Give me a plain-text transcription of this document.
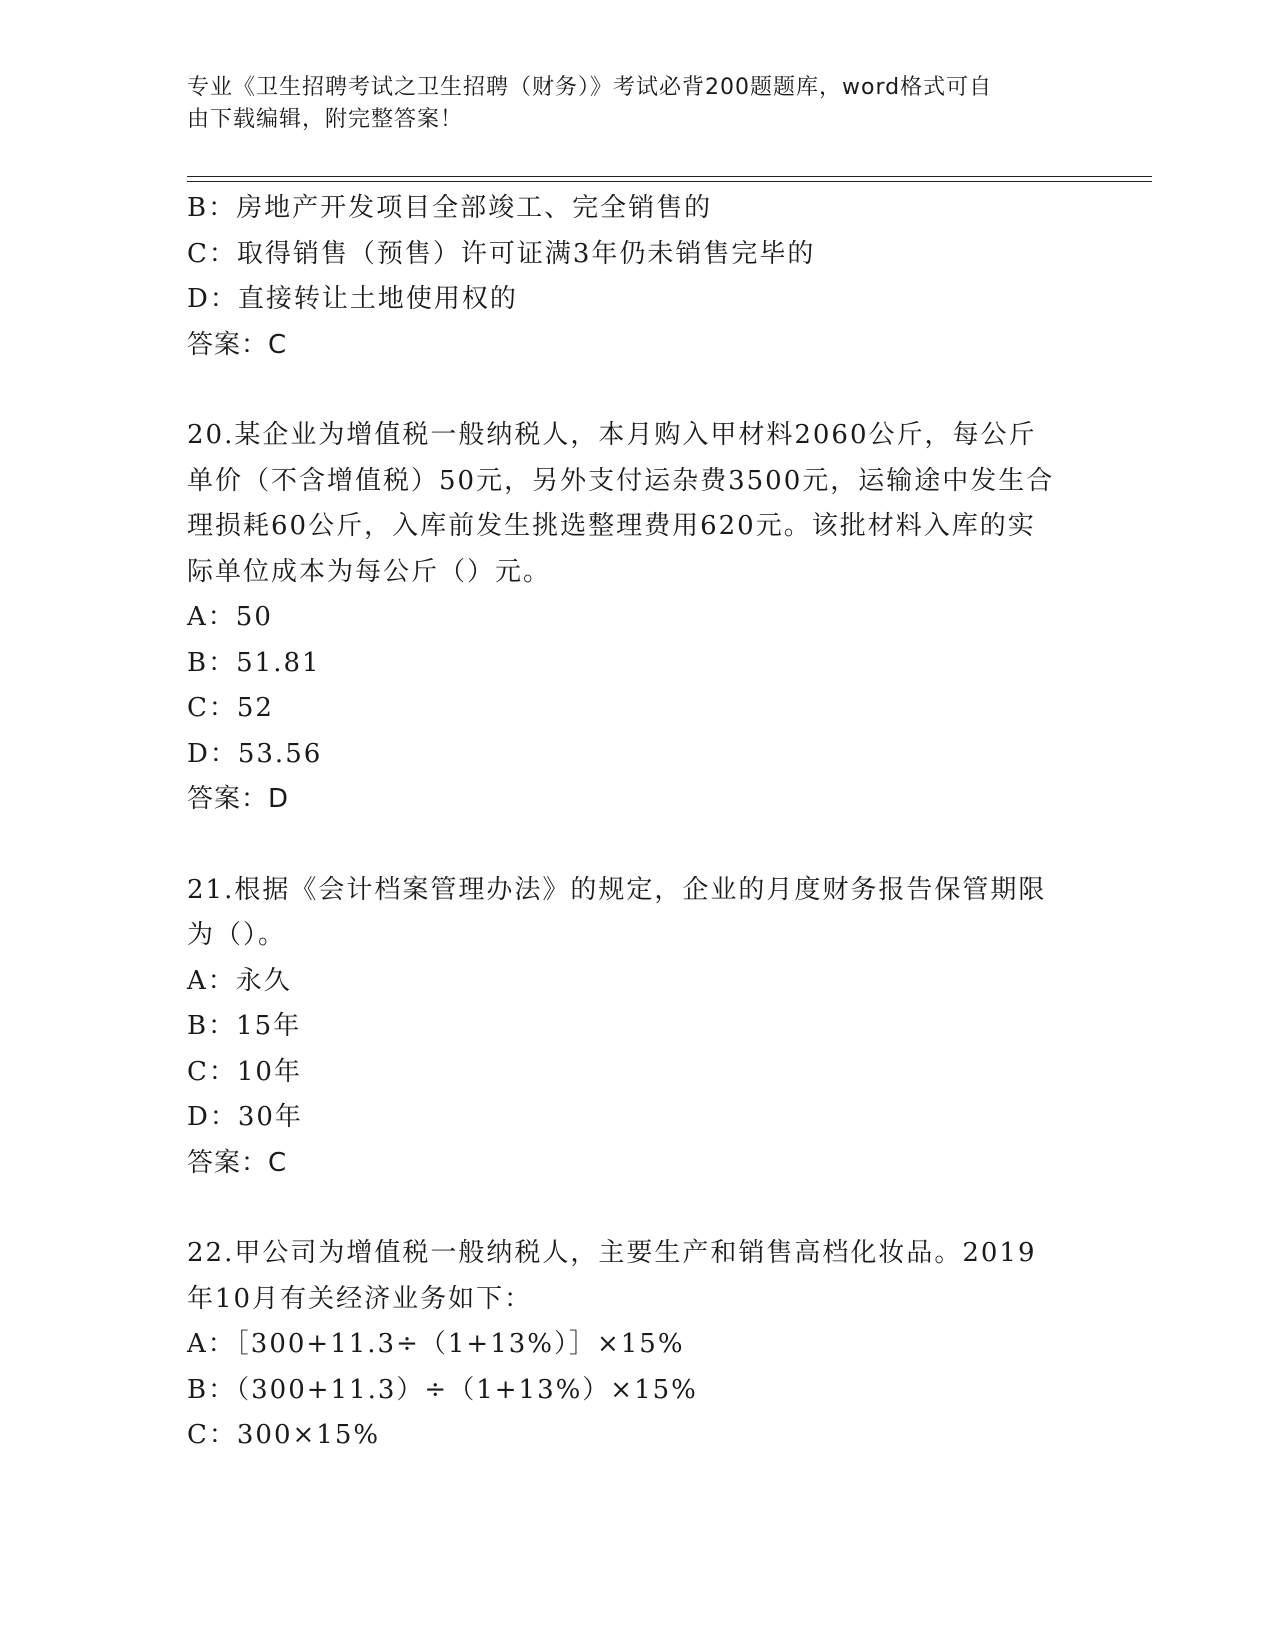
专业《卫生招聘考试之卫生招聘（财务）》考试必背200题题库，word格式可自
由下载编辑，附完整答案！
B：房地产开发项目全部竣工、完全销售的
C：取得销售（预售）许可证满3年仍未销售完毕的
D：直接转让土地使用权的
答案：C
20.某企业为增值税一般纳税人，本月购入甲材料2060公斤，每公斤
单价（不含增值税）50元，另外支付运杂费3500元，运输途中发生合
理损耗60公斤，入库前发生挑选整理费用620元。该批材料入库的实
际单位成本为每公斤（）元。
A：50
B：51.81
C：52
D：53.56
答案：D
21.根据《会计档案管理办法》的规定，企业的月度财务报告保管期限
为（）。
A：永久
B：15年
C：10年
D：30年
答案：C
22.甲公司为增值税一般纳税人，主要生产和销售高档化妆品。2019
年10月有关经济业务如下：
A：［300+11.3÷（1+13%）］×15%
B：（300+11.3）÷（1+13%）×15%
C：300×15%
